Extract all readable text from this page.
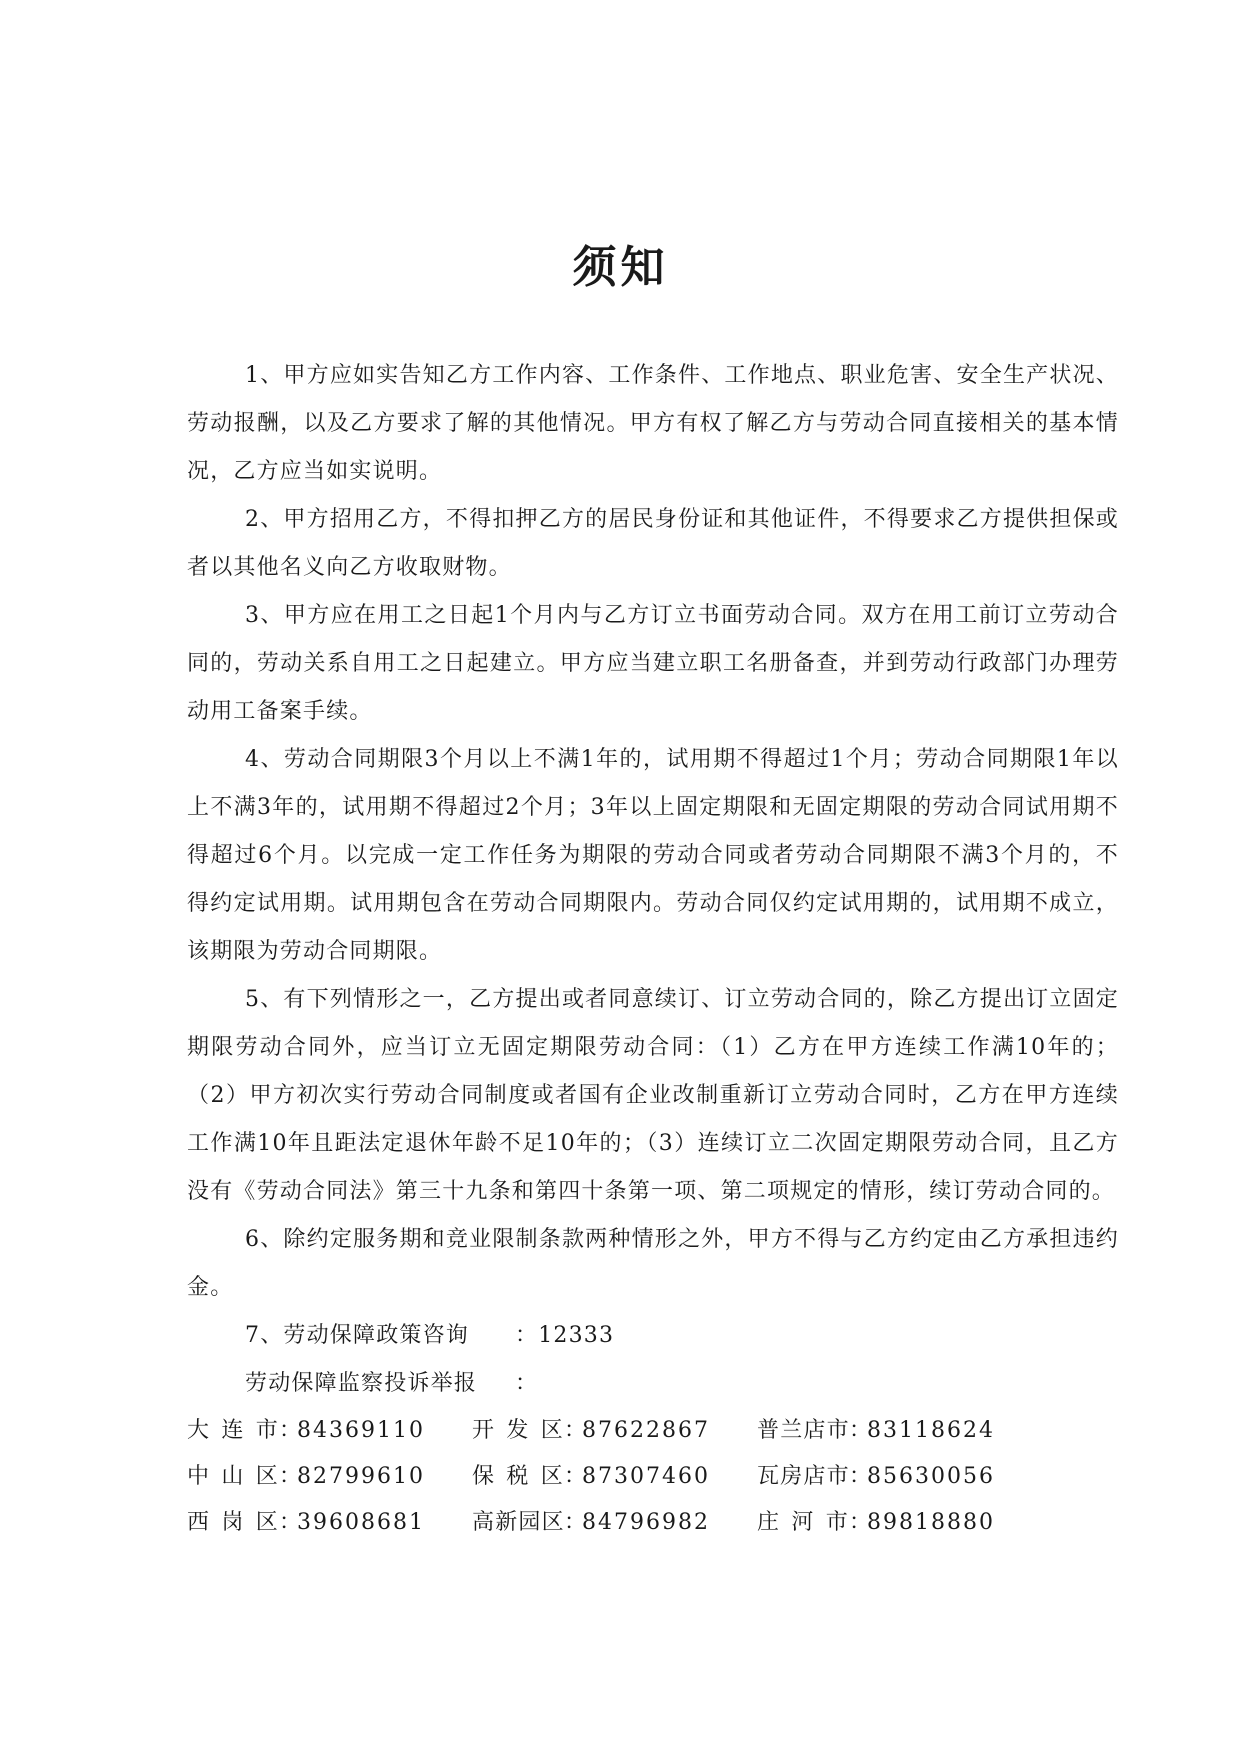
须知

1、甲方应如实告知乙方工作内容、工作条件、工作地点、职业危害、安全生产状况、劳动报酬，以及乙方要求了解的其他情况。甲方有权了解乙方与劳动合同直接相关的基本情况，乙方应当如实说明。

2、甲方招用乙方，不得扣押乙方的居民身份证和其他证件，不得要求乙方提供担保或者以其他名义向乙方收取财物。

3、甲方应在用工之日起1个月内与乙方订立书面劳动合同。双方在用工前订立劳动合同的，劳动关系自用工之日起建立。甲方应当建立职工名册备查，并到劳动行政部门办理劳动用工备案手续。

4、劳动合同期限3个月以上不满1年的，试用期不得超过1个月；劳动合同期限1年以上不满3年的，试用期不得超过2个月；3年以上固定期限和无固定期限的劳动合同试用期不得超过6个月。以完成一定工作任务为期限的劳动合同或者劳动合同期限不满3个月的，不得约定试用期。试用期包含在劳动合同期限内。劳动合同仅约定试用期的，试用期不成立，该期限为劳动合同期限。

5、有下列情形之一，乙方提出或者同意续订、订立劳动合同的，除乙方提出订立固定期限劳动合同外，应当订立无固定期限劳动合同：（1）乙方在甲方连续工作满10年的；（2）甲方初次实行劳动合同制度或者国有企业改制重新订立劳动合同时，乙方在甲方连续工作满10年且距法定退休年龄不足10年的；（3）连续订立二次固定期限劳动合同，且乙方没有《劳动合同法》第三十九条和第四十条第一项、第二项规定的情形，续订劳动合同的。

6、除约定服务期和竞业限制条款两种情形之外，甲方不得与乙方约定由乙方承担违约金。

7、劳动保障政策咨询	：12333
劳动保障监察投诉举报	：
大连市 ：
84369110 开发区 ：
87622867 普兰店市 ：
83118624
中山区 ：
82799610 保税区 ：
87307460 瓦房店市 ：
85630056
西岗区 ：
39608681 高新园区 ：
84796982 庄河市 ：
89818880
